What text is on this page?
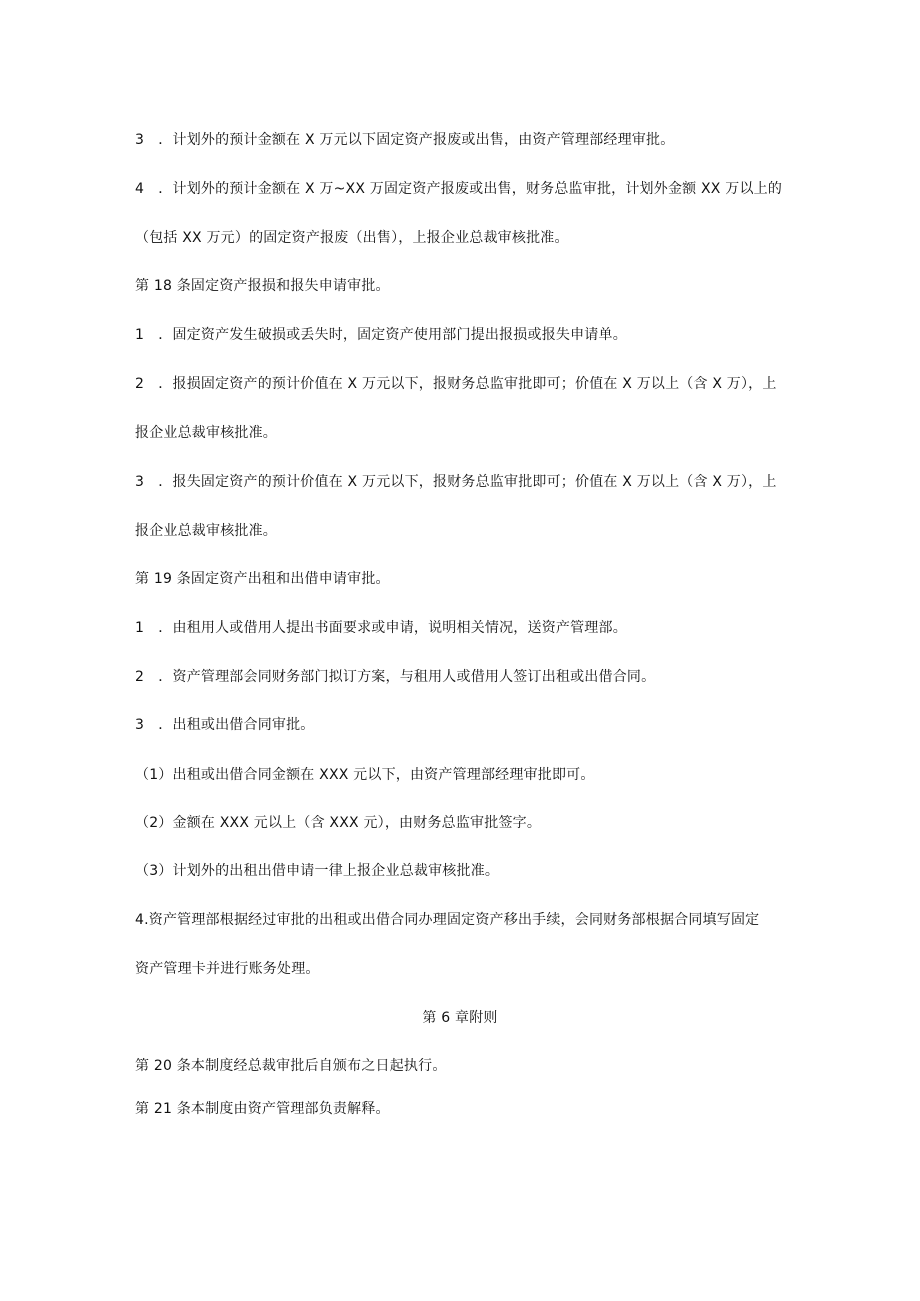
3　．计划外的预计金额在 X 万元以下固定资产报废或出售，由资产管理部经理审批。
4　．计划外的预计金额在 X 万~XX 万固定资产报废或出售，财务总监审批，计划外金额 XX 万以上的
（包括 XX 万元）的固定资产报废（出售），上报企业总裁审核批准。
第 18 条固定资产报损和报失申请审批。
1　．固定资产发生破损或丢失时，固定资产使用部门提出报损或报失申请单。
2　．报损固定资产的预计价值在 X 万元以下，报财务总监审批即可；价值在 X 万以上（含 X 万），上
报企业总裁审核批准。
3　．报失固定资产的预计价值在 X 万元以下，报财务总监审批即可；价值在 X 万以上（含 X 万），上
报企业总裁审核批准。
第 19 条固定资产出租和出借申请审批。
1　．由租用人或借用人提出书面要求或申请，说明相关情况，送资产管理部。
2　．资产管理部会同财务部门拟订方案，与租用人或借用人签订出租或出借合同。
3　．出租或出借合同审批。
（1）出租或出借合同金额在 XXX 元以下，由资产管理部经理审批即可。
（2）金额在 XXX 元以上（含 XXX 元），由财务总监审批签字。
（3）计划外的出租出借申请一律上报企业总裁审核批准。
4.资产管理部根据经过审批的出租或出借合同办理固定资产移出手续，会同财务部根据合同填写固定
资产管理卡并进行账务处理。
第 6 章附则
第 20 条本制度经总裁审批后自颁布之日起执行。
第 21 条本制度由资产管理部负责解释。
